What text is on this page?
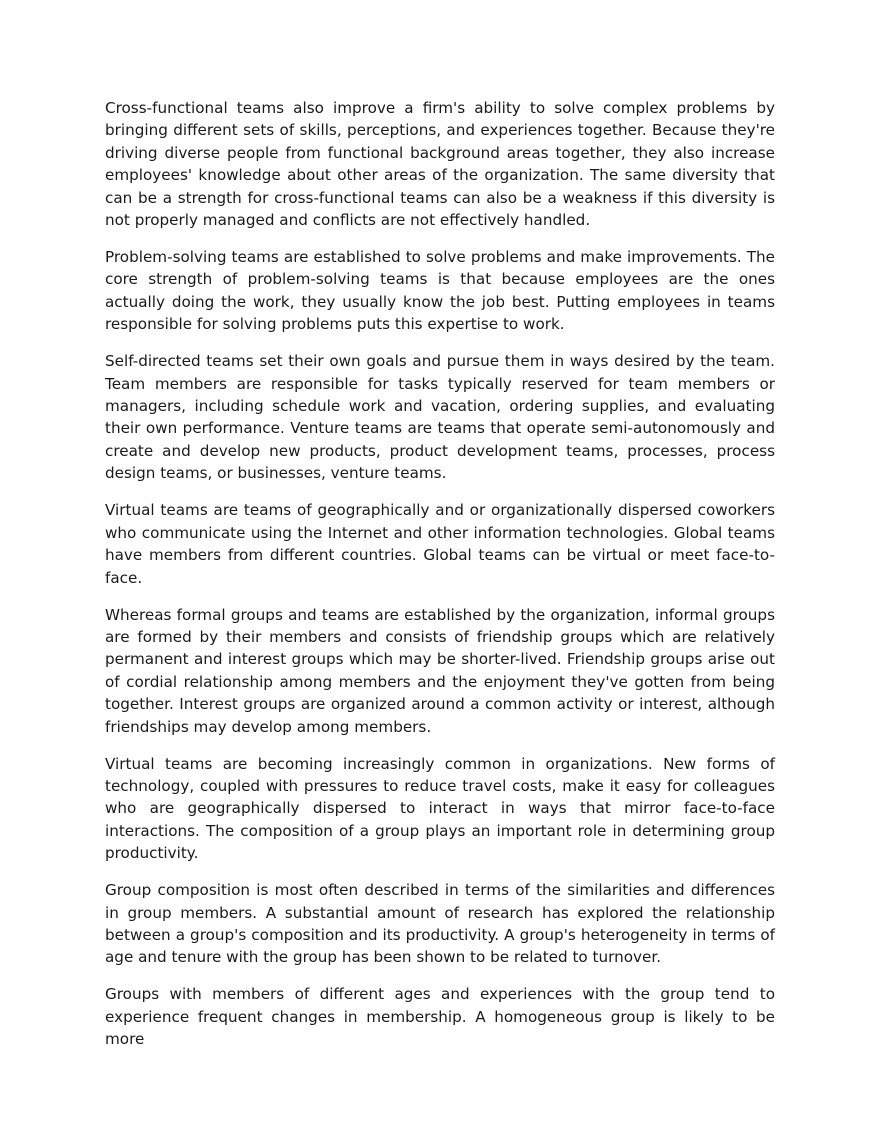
Cross-functional teams also improve a firm's ability to solve complex problems by bringing different sets of skills, perceptions, and experiences together. Because they're driving diverse people from functional background areas together, they also increase employees' knowledge about other areas of the organization. The same diversity that can be a strength for cross-functional teams can also be a weakness if this diversity is not properly managed and conflicts are not effectively handled.

Problem-solving teams are established to solve problems and make improvements. The core strength of problem-solving teams is that because employees are the ones actually doing the work, they usually know the job best. Putting employees in teams responsible for solving problems puts this expertise to work.

Self-directed teams set their own goals and pursue them in ways desired by the team. Team members are responsible for tasks typically reserved for team members or managers, including schedule work and vacation, ordering supplies, and evaluating their own performance. Venture teams are teams that operate semi-autonomously and create and develop new products, product development teams, processes, process design teams, or businesses, venture teams.

Virtual teams are teams of geographically and or organizationally dispersed coworkers who communicate using the Internet and other information technologies. Global teams have members from different countries. Global teams can be virtual or meet face-to-face.

Whereas formal groups and teams are established by the organization, informal groups are formed by their members and consists of friendship groups which are relatively permanent and interest groups which may be shorter-lived. Friendship groups arise out of cordial relationship among members and the enjoyment they've gotten from being together. Interest groups are organized around a common activity or interest, although friendships may develop among members.

Virtual teams are becoming increasingly common in organizations. New forms of technology, coupled with pressures to reduce travel costs, make it easy for colleagues who are geographically dispersed to interact in ways that mirror face-to-face interactions. The composition of a group plays an important role in determining group productivity.

Group composition is most often described in terms of the similarities and differences in group members. A substantial amount of research has explored the relationship between a group's composition and its productivity. A group's heterogeneity in terms of age and tenure with the group has been shown to be related to turnover.

Groups with members of different ages and experiences with the group tend to experience frequent changes in membership. A homogeneous group is likely to be more
